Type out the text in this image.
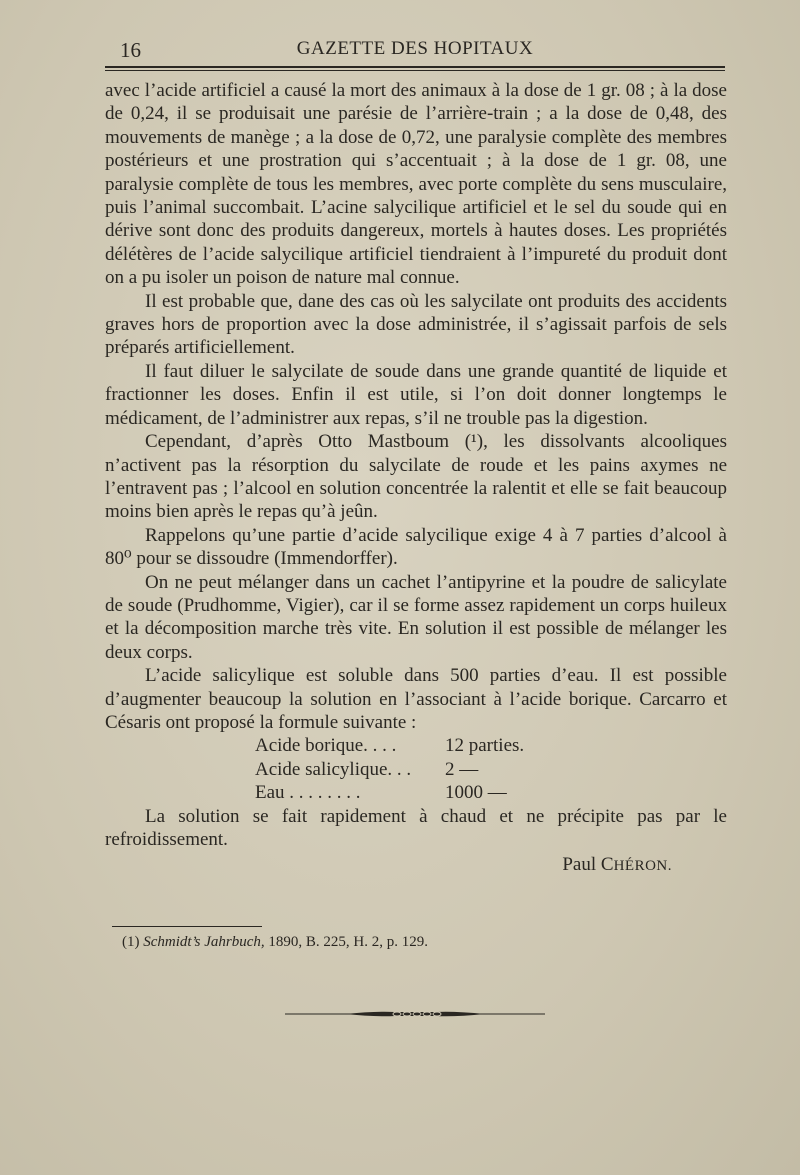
16	GAZETTE DES HOPITAUX

avec l’acide artificiel a causé la mort des animaux à la dose de 1 gr. 08 ; à la dose de 0,24, il se produisait une parésie de l’arrière-train ; a la dose de 0,48, des mouvements de manège ; a la dose de 0,72, une paralysie complète des membres postérieurs et une prostration qui s’accentuait ; à la dose de 1 gr. 08, une paralysie complète de tous les membres, avec porte complète du sens musculaire, puis l’animal succombait. L’acine salycilique artificiel et le sel du soude qui en dérive sont donc des produits dangereux, mortels à hautes doses. Les propriétés délétères de l’acide salycilique artificiel tiendraient à l’impureté du produit dont on a pu isoler un poison de nature mal connue.

Il est probable que, dane des cas où les salycilate ont produits des accidents graves hors de proportion avec la dose administrée, il s’agissait parfois de sels préparés artificiellement.

Il faut diluer le salycilate de soude dans une grande quantité de liquide et fractionner les doses. Enfin il est utile, si l’on doit donner longtemps le médicament, de l’administrer aux repas, s’il ne trouble pas la digestion.

Cependant, d’après Otto Mastboum (¹), les dissolvants alcooliques n’activent pas la résorption du salycilate de roude et les pains axymes ne l’entravent pas ; l’alcool en solution concentrée la ralentit et elle se fait beaucoup moins bien après le repas qu’à jeûn.

Rappelons qu’une partie d’acide salycilique exige 4 à 7 parties d’alcool à 80⁰ pour se dissoudre (Immendorffer).

On ne peut mélanger dans un cachet l’antipyrine et la poudre de salicylate de soude (Prudhomme, Vigier), car il se forme assez rapidement un corps huileux et la décomposition marche très vite. En solution il est possible de mélanger les deux corps.

L’acide salicylique est soluble dans 500 parties d’eau. Il est possible d’augmenter beaucoup la solution en l’associant à l’acide borique. Carcarro et Césaris ont proposé la formule suivante :

Acide borique. . . .	12 parties.
Acide salicylique. . .	2 —
Eau . . . . . . . .	1000 —

La solution se fait rapidement à chaud et ne précipite pas par le refroidissement.

Paul CHÉRON.
(1) Schmidt’s Jahrbuch, 1890, B. 225, H. 2, p. 129.
